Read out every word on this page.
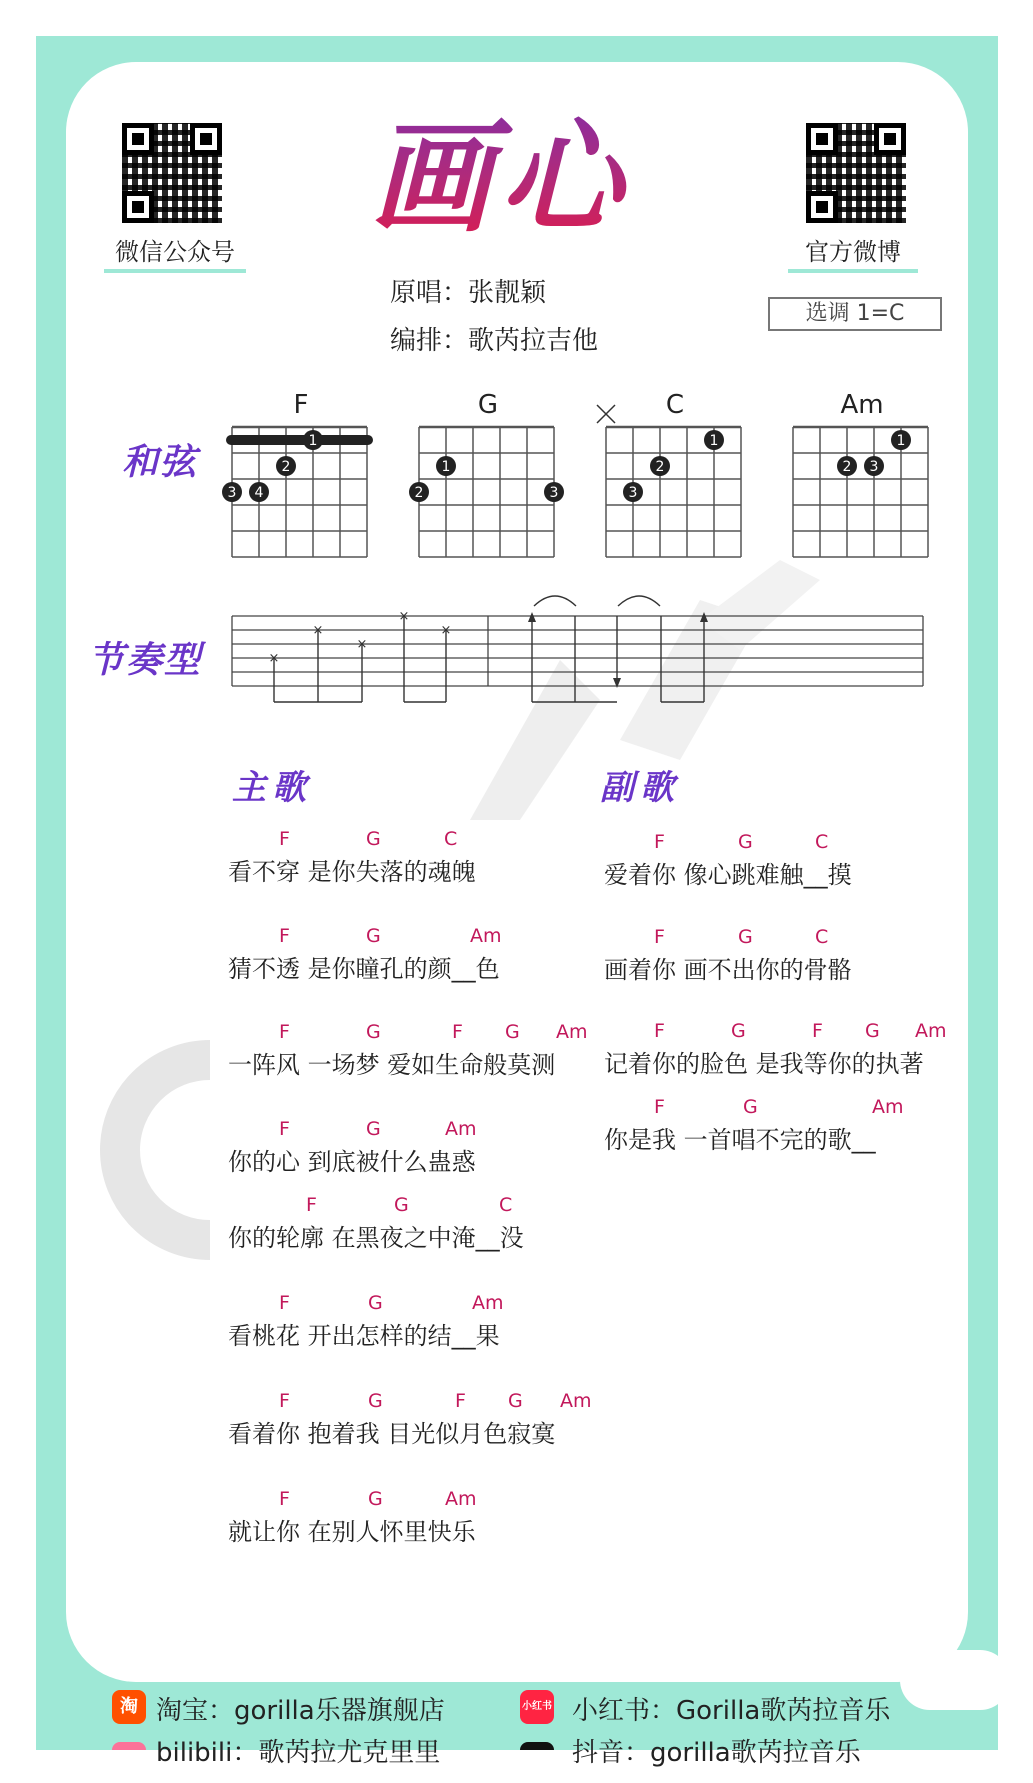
微信公众号	官方微博
画心
原唱：张靓颖
编排：歌芮拉吉他
选调 1=C
和弦
F	G	C	Am
1
2
3 4
1
2	3
1
2
3
1
2 3
节奏型	×
×
×
×
×
主歌	副歌
F	G	C
看不穿 是你失落的魂魄
F	G	Am
猜不透 是你瞳孔的颜__色
F	G	F G Am
一阵风 一场梦 爱如生命般莫测
F	G	Am
你的心 到底被什么蛊惑
F	G	C
你的轮廓 在黑夜之中淹__没
F	G	Am
看桃花 开出怎样的结__果
F	G	F G Am
看着你 抱着我 目光似月色寂寞
F	G	Am
就让你 在别人怀里快乐
F	G	C
爱着你 像心跳难触__摸
F	G	C
画着你 画不出你的骨骼
F	G	F G Am
记着你的脸色 是我等你的执著
F	G	Am
你是我 一首唱不完的歌__
淘 淘宝：gorilla乐器旗舰店	小红书 小红书：Gorilla歌芮拉音乐
bilibili：歌芮拉尤克里里	抖音：gorilla歌芮拉音乐
